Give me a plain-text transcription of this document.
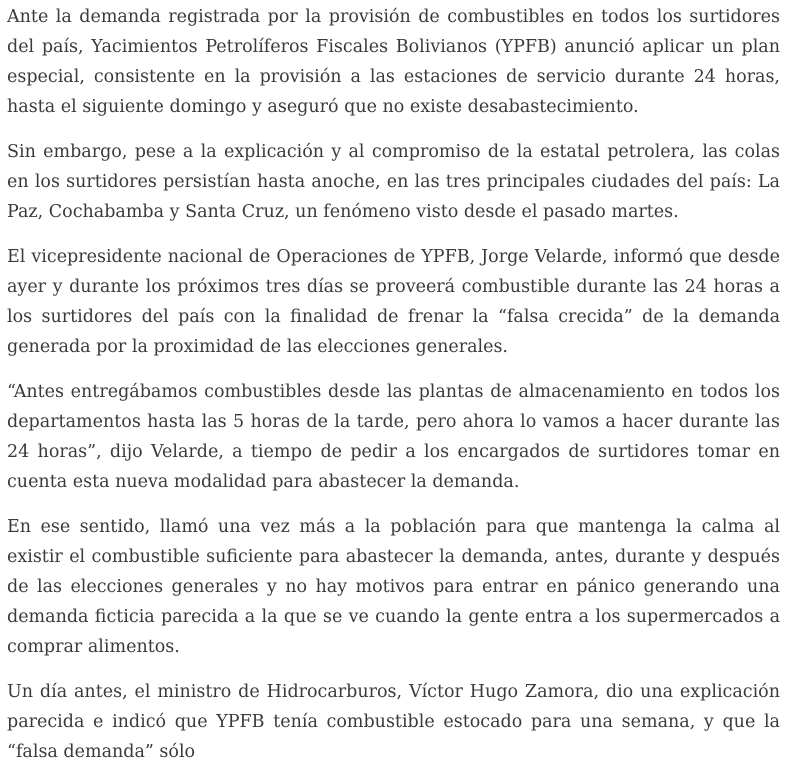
Ante la demanda registrada por la provisión de combustibles en todos los surtidores del país, Yacimientos Petrolíferos Fiscales Bolivianos (YPFB) anunció aplicar un plan especial, consistente en la provisión a las estaciones de servicio durante 24 horas, hasta el siguiente domingo y aseguró que no existe desabastecimiento.

Sin embargo, pese a la explicación y al compromiso de la estatal petrolera, las colas en los surtidores persistían hasta anoche, en las tres principales ciudades del país: La Paz, Cochabamba y Santa Cruz, un fenómeno visto desde el pasado martes.

El vicepresidente nacional de Operaciones de YPFB, Jorge Velarde, informó que desde ayer y durante los próximos tres días se proveerá combustible durante las 24 horas a los surtidores del país con la finalidad de frenar la “falsa crecida” de la demanda generada por la proximidad de las elecciones generales.

“Antes entregábamos combustibles desde las plantas de almacenamiento en todos los departamentos hasta las 5 horas de la tarde, pero ahora lo vamos a hacer durante las 24 horas”, dijo Velarde, a tiempo de pedir a los encargados de surtidores tomar en cuenta esta nueva modalidad para abastecer la demanda.

En ese sentido, llamó una vez más a la población para que mantenga la calma al existir el combustible suficiente para abastecer la demanda, antes, durante y después de las elecciones generales y no hay motivos para entrar en pánico generando una demanda ficticia parecida a la que se ve cuando la gente entra a los supermercados a comprar alimentos.

Un día antes, el ministro de Hidrocarburos, Víctor Hugo Zamora, dio una explicación parecida e indicó que YPFB tenía combustible estocado para una semana, y que la “falsa demanda” sólo
